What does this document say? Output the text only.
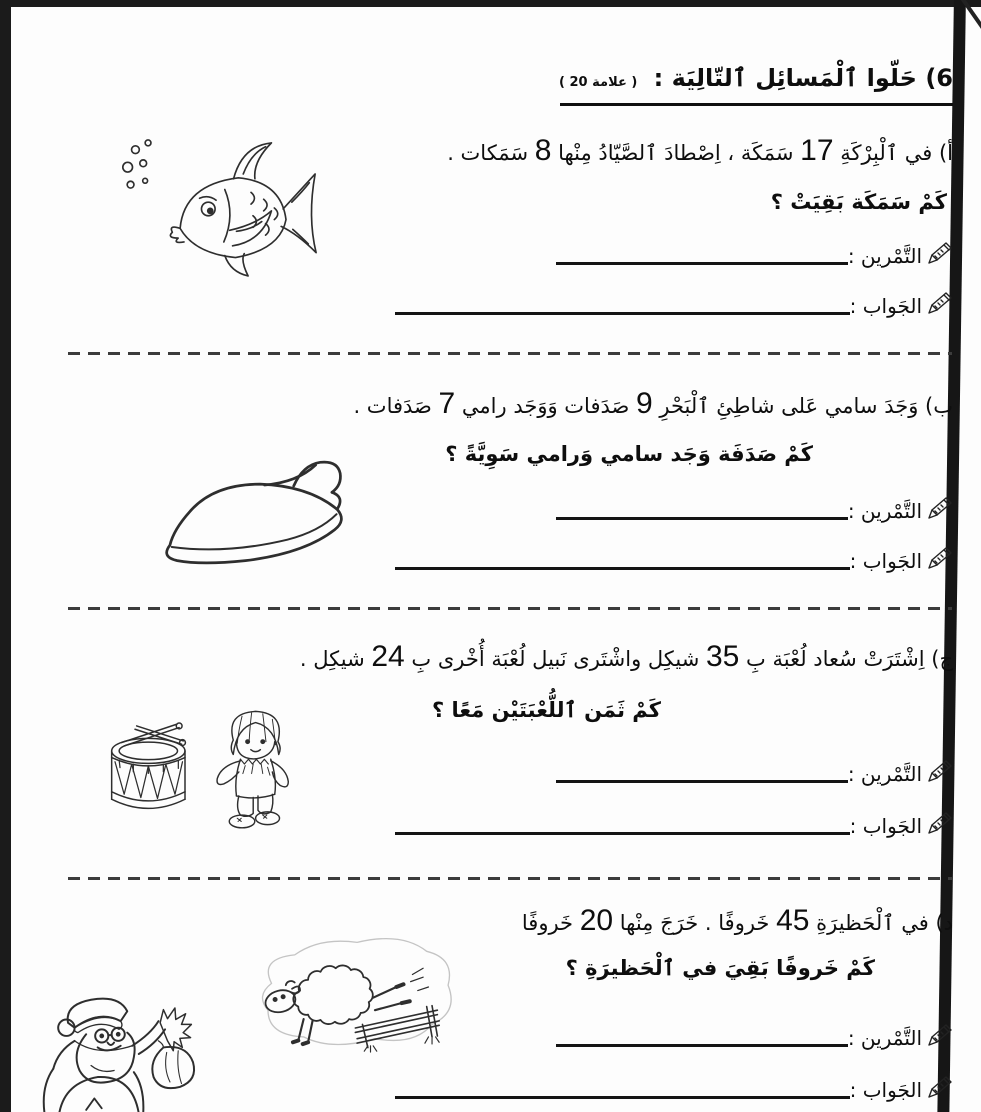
6) حَلّوا ٱلْمَسائِل ٱلتّالِيَة : ( 20 علامة )
أ) في ٱلْبِرْكَةِ 17 سَمَكَة ، اِصْطادَ ٱلصَّيّادُ مِنْها 8 سَمَكات .
كَمْ سَمَكَة بَقِيَتْ ؟
التَّمْرين :
الجَواب :
ب) وَجَدَ سامي عَلى شاطِئِ ٱلْبَحْرِ 9 صَدَفات وَوَجَد رامي 7 صَدَفات .
كَمْ صَدَفَة وَجَد سامي وَرامي سَوِيَّةً ؟
التَّمْرين :
الجَواب :
ج) اِشْتَرَتْ سُعاد لُعْبَة بِ 35 شيكِل واشْتَرى نَبيل لُعْبَة أُخْرى بِ 24 شيكِل .
كَمْ ثَمَن ٱللُّعْبَتَيْن مَعًا ؟
التَّمْرين :
الجَواب :
د) في ٱلْحَظيرَةِ 45 خَروفًا . خَرَجَ مِنْها 20 خَروفًا
كَمْ خَروفًا بَقِيَ في ٱلْحَظيرَةِ ؟
التَّمْرين :
الجَواب :
